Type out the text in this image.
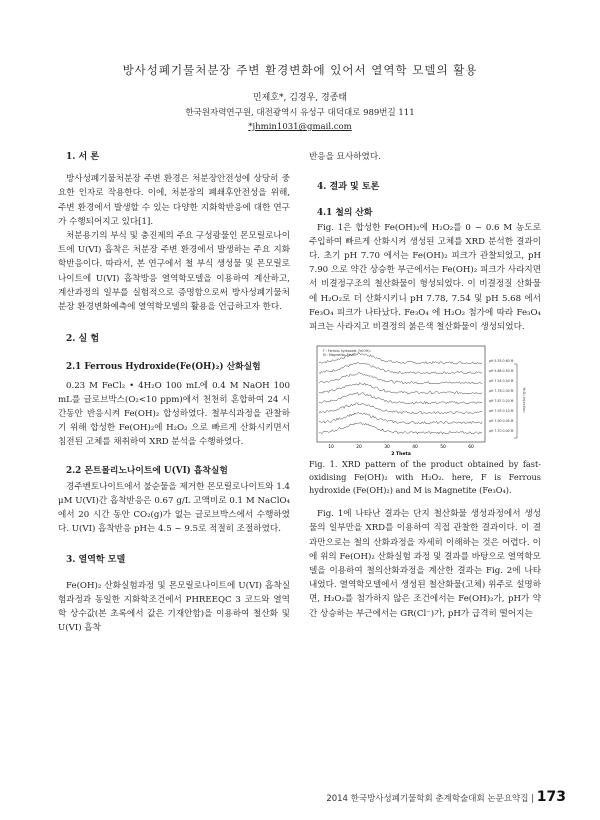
방사성폐기물처분장 주변 환경변화에 있어서 열역학 모델의 활용
민제호*, 김경우, 경종태
한국원자력연구원, 대전광역시 유성구 대덕대로 989번길 111
*jhmin1031@gmail.com

1. 서 론

방사성폐기물처분장 주변 환경은 처분장안전성에 상당히 중요한 인자로 작용한다. 이에, 처분장의 폐쇄후안전성을 위해, 주변 환경에서 발생할 수 있는 다양한 지화학반응에 대한 연구가 수행되어지고 있다[1].

처분용기의 부식 및 충진제의 주요 구성광물인 몬모릴로나이트에 U(VI) 흡착은 처분장 주변 환경에서 발생하는 주요 지화학반응이다. 따라서, 본 연구에서 철 부식 생성물 및 몬모릴로나이트에 U(VI) 흡착방응 열역학모델을 이용하여 계산하고, 계산과정의 일부를 실험적으로 증명함으로써 방사성폐기물처분장 환경변화예측에 열역학모델의 활용을 언급하고자 한다.

2. 실 험

2.1 Ferrous Hydroxide(Fe(OH)₂) 산화실험

0.23 M FeCl₂ • 4H₂O 100 mL에 0.4 M NaOH 100 mL를 글로브박스(O₂<10 ppm)에서 천천히 혼합하여 24 시간동안 반응시켜 Fe(OH)₂ 합성하였다. 철부식과정을 관찰하기 위해 합성한 Fe(OH)₂에 H₂O₂ 으로 빠르게 산화시키면서 침전된 고체를 채취하여 XRD 분석을 수행하였다.

2.2 몬트몰리노나이트에 U(VI) 흡착실험

경주벤토나이트에서 불순물을 제거한 몬모릴로나이트와 1.4 μM U(VI)간 흡착반응은 0.67 g/L 고액비로 0.1 M NaClO₄ 에서 20 시간 동안 CO₂(g)가 없는 글로브박스에서 수행하였다. U(VI) 흡착반응 pH는 4.5 ~ 9.5로 적절히 조절하였다.

3. 열역학 모델

Fe(OH)₂ 산화실험과정 및 몬모릴로나이트에 U(VI) 흡착실험과정과 동일한 지화학조건에서 PHREEQC 3 코드와 열역학 상수값(본 초록에서 값은 기재안함)을 이용하여 철산화 및 U(VI) 흡착

반응을 묘사하였다.

4. 결과 및 토론

4.1 철의 산화

Fig. 1은 합성한 Fe(OH)₂에 H₂O₂를 0 ~ 0.6 M 농도로 주입하여 빠르게 산화시켜 생성된 고체를 XRD 분석한 결과이다. 초기 pH 7.70 에서는 Fe(OH)₂ 피크가 관찰되었고, pH 7.90 으로 약간 상승한 부근에서는 Fe(OH)₂ 피크가 사라지면서 비결정구조의 철산화물이 형성되었다. 이 비결정질 산화물에 H₂O₂로 더 산화시키니 pH 7.78, 7.54 및 pH 5.68 에서 Fe₃O₄ 피크가 나타났다. Fe₃O₄ 에 H₂O₂ 첨가에 따라 Fe₃O₄ 피크는 사라지고 비결정의 붉은색 철산화물이 생성되었다.

pH 5.55 0.60 M
pH 5.68 0.50 M
pH 7.54 0.40 M
pH 7.78 0.30 M
pH 7.87 0.20 M
pH 7.93 0.10 M
pH 7.90 0.05 M
pH 7.70 0.00 M
10	20	30	40	50	60
F : Ferrous hydroxide, Fe(OH)₂
M : Magnetite, Fe₃O₄
H₂O₂ Injection
2 Theta

Fig. 1. XRD pattern of the product obtained by fast-oxidising Fe(OH)₂ with H₂O₂. here, F is Ferrous hydroxide (Fe(OH)₂) and M is Magnetite (Fe₃O₄).

Fig. 1에 나타난 결과는 단지 철산화물 생성과정에서 생성물의 일부만을 XRD를 이용하여 직접 관찰한 결과이다. 이 결과만으로는 철의 산화과정을 자세히 이해하는 것은 어렵다. 이에 위의 Fe(OH)₂ 산화실험 과정 및 결과를 바탕으로 열역학모델을 이용하여 철의산화과정을 계산한 결과는 Fig. 2에 나타내었다. 열역학모델에서 생성된 철산화물(고체) 위주로 설명하면, H₂O₂를 첨가하지 않은 조건에서는 Fe(OH)₂가, pH가 약간 상승하는 부근에서는 GR(Cl⁻)가, pH가 급격히 떨어지는

2014 한국방사성폐기물학회 춘계학술대회 논문요약집 | 173
